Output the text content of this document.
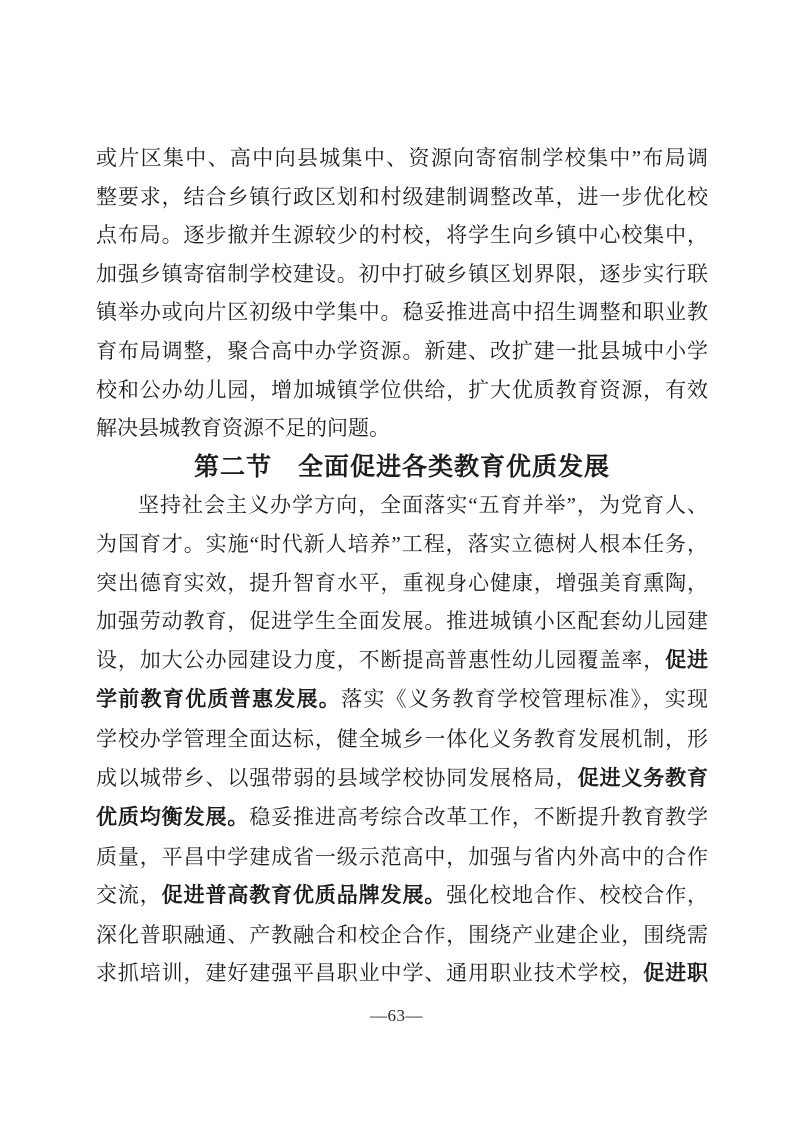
或片区集中、高中向县城集中、资源向寄宿制学校集中”布局调
整要求，结合乡镇行政区划和村级建制调整改革，进一步优化校
点布局。逐步撤并生源较少的村校，将学生向乡镇中心校集中，
加强乡镇寄宿制学校建设。初中打破乡镇区划界限，逐步实行联
镇举办或向片区初级中学集中。稳妥推进高中招生调整和职业教
育布局调整，聚合高中办学资源。新建、改扩建一批县城中小学
校和公办幼儿园，增加城镇学位供给，扩大优质教育资源，有效
解决县城教育资源不足的问题。
第二节　全面促进各类教育优质发展
坚持社会主义办学方向，全面落实“五育并举”，为党育人、
为国育才。实施“时代新人培养”工程，落实立德树人根本任务，
突出德育实效，提升智育水平，重视身心健康，增强美育熏陶，
加强劳动教育，促进学生全面发展。推进城镇小区配套幼儿园建
设，加大公办园建设力度，不断提高普惠性幼儿园覆盖率，促进
学前教育优质普惠发展。落实《义务教育学校管理标准》，实现
学校办学管理全面达标，健全城乡一体化义务教育发展机制，形
成以城带乡、以强带弱的县域学校协同发展格局，促进义务教育
优质均衡发展。稳妥推进高考综合改革工作，不断提升教育教学
质量，平昌中学建成省一级示范高中，加强与省内外高中的合作
交流，促进普高教育优质品牌发展。强化校地合作、校校合作，
深化普职融通、产教融合和校企合作，围绕产业建企业，围绕需
求抓培训，建好建强平昌职业中学、通用职业技术学校，促进职
—63—
